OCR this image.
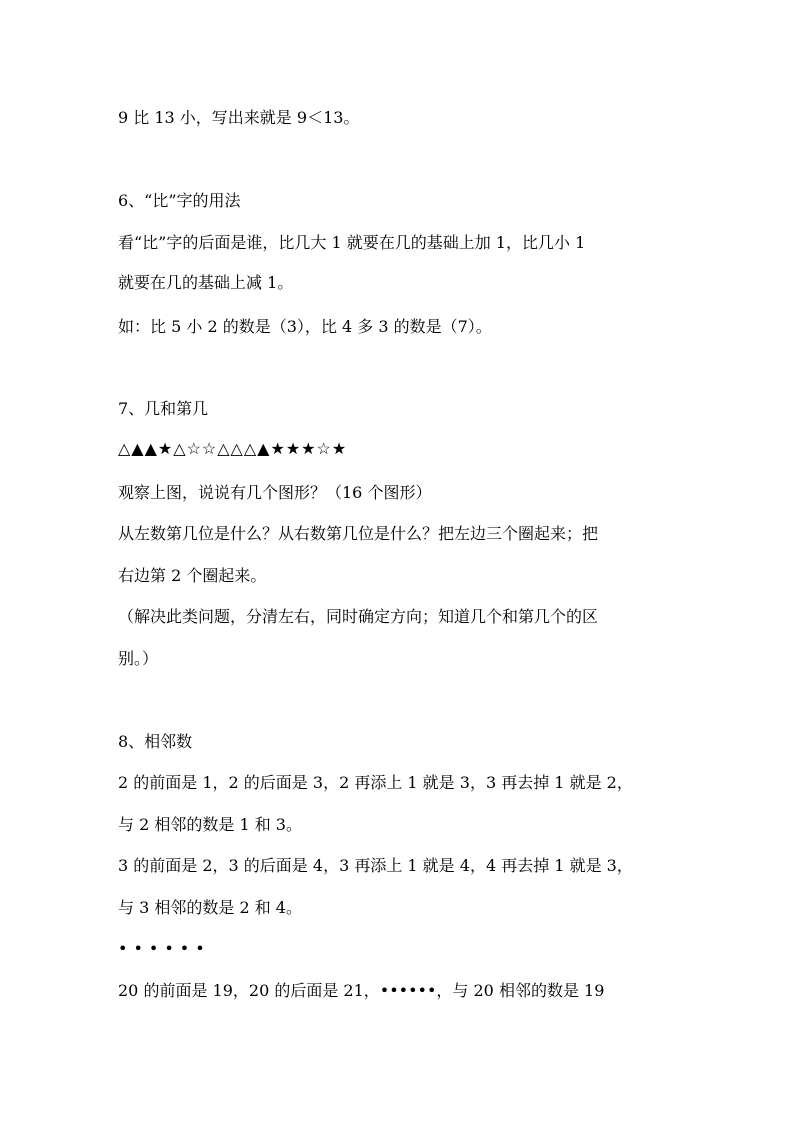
9 比 13 小，写出来就是 9＜13。
6、“比”字的用法
看“比”字的后面是谁，比几大 1 就要在几的基础上加 1，比几小 1
就要在几的基础上减 1。
如：比 5 小 2 的数是（3），比 4 多 3 的数是（7）。
7、几和第几
△▲▲★△☆☆△△△▲★★★☆★
观察上图，说说有几个图形？（16 个图形）
从左数第几位是什么？从右数第几位是什么？把左边三个圈起来；把
右边第 2 个圈起来。
（解决此类问题，分清左右，同时确定方向；知道几个和第几个的区
别。）
8、相邻数
2 的前面是 1，2 的后面是 3，2 再添上 1 就是 3，3 再去掉 1 就是 2，
与 2 相邻的数是 1 和 3。
3 的前面是 2，3 的后面是 4，3 再添上 1 就是 4，4 再去掉 1 就是 3，
与 3 相邻的数是 2 和 4。
••••••
20 的前面是 19，20 的后面是 21，••••••，与 20 相邻的数是 19
